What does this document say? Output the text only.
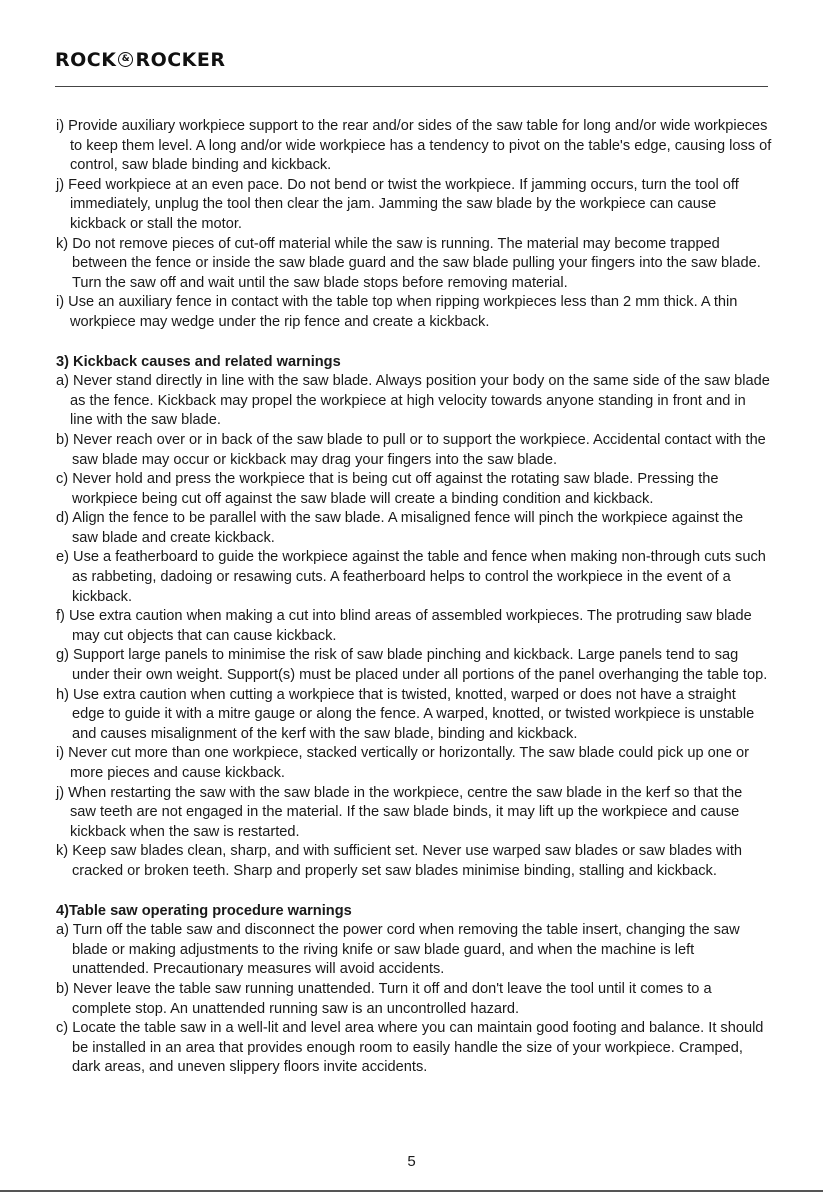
ROCK & ROCKER

i) Provide auxiliary workpiece support to the rear and/or sides of the saw table for long and/or wide workpieces to keep them level. A long and/or wide workpiece has a tendency to pivot on the table's edge, causing loss of control, saw blade binding and kickback.

j) Feed workpiece at an even pace. Do not bend or twist the workpiece. If jamming occurs, turn the tool off immediately, unplug the tool then clear the jam. Jamming the saw blade by the workpiece can cause kickback or stall the motor.

k) Do not remove pieces of cut-off material while the saw is running. The material may become trapped between the fence or inside the saw blade guard and the saw blade pulling your fingers into the saw blade. Turn the saw off and wait until the saw blade stops before removing material.

i) Use an auxiliary fence in contact with the table top when ripping workpieces less than 2 mm thick. A thin workpiece may wedge under the rip fence and create a kickback.

3) Kickback causes and related warnings

a) Never stand directly in line with the saw blade. Always position your body on the same side of the saw blade as the fence. Kickback may propel the workpiece at high velocity towards anyone standing in front and in line with the saw blade.

b) Never reach over or in back of the saw blade to pull or to support the workpiece. Accidental contact with the saw blade may occur or kickback may drag your fingers into the saw blade.

c) Never hold and press the workpiece that is being cut off against the rotating saw blade. Pressing the workpiece being cut off against the saw blade will create a binding condition and kickback.

d) Align the fence to be parallel with the saw blade. A misaligned fence will pinch the workpiece against the saw blade and create kickback.

e) Use a featherboard to guide the workpiece against the table and fence when making non-through cuts such as rabbeting, dadoing or resawing cuts. A featherboard helps to control the workpiece in the event of a kickback.

f) Use extra caution when making a cut into blind areas of assembled workpieces. The protruding saw blade may cut objects that can cause kickback.

g) Support large panels to minimise the risk of saw blade pinching and kickback. Large panels tend to sag under their own weight. Support(s) must be placed under all portions of the panel overhanging the table top.

h) Use extra caution when cutting a workpiece that is twisted, knotted, warped or does not have a straight edge to guide it with a mitre gauge or along the fence. A warped, knotted, or twisted workpiece is unstable and causes misalignment of the kerf with the saw blade, binding and kickback.

i) Never cut more than one workpiece, stacked vertically or horizontally. The saw blade could pick up one or more pieces and cause kickback.

j) When restarting the saw with the saw blade in the workpiece, centre the saw blade in the kerf so that the saw teeth are not engaged in the material. If the saw blade binds, it may lift up the workpiece and cause kickback when the saw is restarted.

k) Keep saw blades clean, sharp, and with sufficient set. Never use warped saw blades or saw blades with cracked or broken teeth. Sharp and properly set saw blades minimise binding, stalling and kickback.

4)Table saw operating procedure warnings

a) Turn off the table saw and disconnect the power cord when removing the table insert, changing the saw blade or making adjustments to the riving knife or saw blade guard, and when the machine is left unattended. Precautionary measures will avoid accidents.

b) Never leave the table saw running unattended. Turn it off and don't leave the tool until it comes to a complete stop. An unattended running saw is an uncontrolled hazard.

c) Locate the table saw in a well-lit and level area where you can maintain good footing and balance. It should be installed in an area that provides enough room to easily handle the size of your workpiece. Cramped, dark areas, and uneven slippery floors invite accidents.

5
